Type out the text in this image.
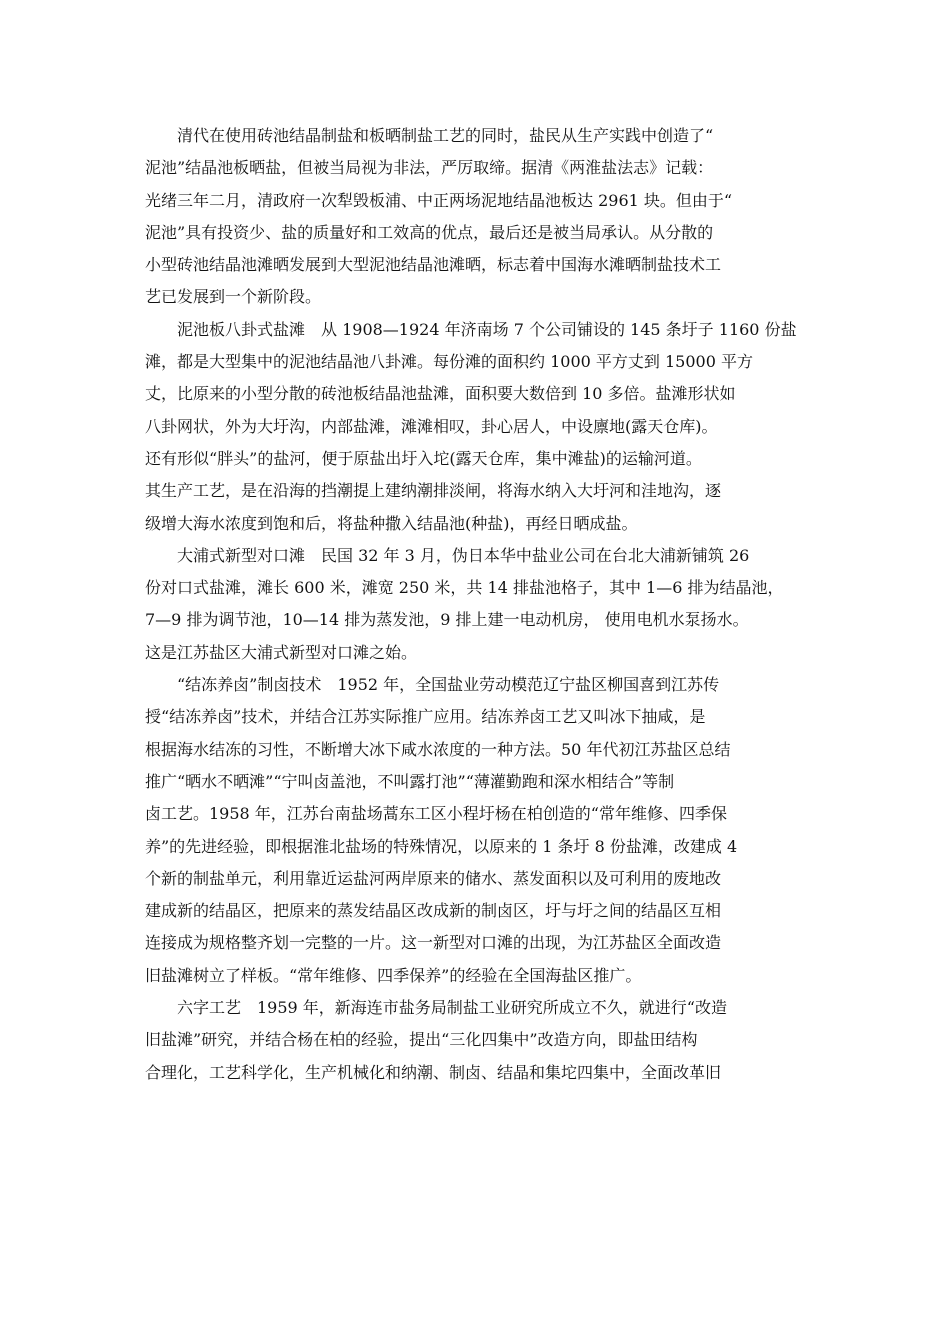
清代在使用砖池结晶制盐和板晒制盐工艺的同时，盐民从生产实践中创造了“
泥池”结晶池板晒盐，但被当局视为非法，严厉取缔。据清《两淮盐法志》记载：
光绪三年二月，清政府一次犁毁板浦、中正两场泥地结晶池板达 2961 块。但由于“
泥池”具有投资少、盐的质量好和工效高的优点，最后还是被当局承认。从分散的
小型砖池结晶池滩晒发展到大型泥池结晶池滩晒，标志着中国海水滩晒制盐技术工
艺已发展到一个新阶段。
泥池板八卦式盐滩　从 1908—1924 年济南场 7 个公司铺设的 145 条圩子 1160 份盐
滩，都是大型集中的泥池结晶池八卦滩。每份滩的面积约 1000 平方丈到 15000 平方
丈，比原来的小型分散的砖池板结晶池盐滩，面积要大数倍到 10 多倍。盐滩形状如
八卦网状，外为大圩沟，内部盐滩，滩滩相叹，卦心居人，中设廪地(露天仓库)。
还有形似“胖头”的盐河，便于原盐出圩入坨(露天仓库，集中滩盐)的运输河道。
其生产工艺，是在沿海的挡潮提上建纳潮排淡闸，将海水纳入大圩河和洼地沟，逐
级增大海水浓度到饱和后，将盐种撒入结晶池(种盐)，再经日晒成盐。
大浦式新型对口滩　民国 32 年 3 月，伪日本华中盐业公司在台北大浦新铺筑 26
份对口式盐滩，滩长 600 米，滩宽 250 米，共 14 排盐池格子，其中 1—6 排为结晶池，
7—9 排为调节池，10—14 排为蒸发池，9 排上建一电动机房， 使用电机水泵扬水。
这是江苏盐区大浦式新型对口滩之始。
“结冻养卤”制卤技术　1952 年，全国盐业劳动模范辽宁盐区柳国喜到江苏传
授“结冻养卤”技术，并结合江苏实际推广应用。结冻养卤工艺又叫冰下抽咸，是
根据海水结冻的习性，不断增大冰下咸水浓度的一种方法。50 年代初江苏盐区总结
推广“晒水不晒滩”“宁叫卤盖池，不叫露打池”“薄灌勤跑和深水相结合”等制
卤工艺。1958 年，江苏台南盐场蒿东工区小程圩杨在柏创造的“常年维修、四季保
养”的先进经验，即根据淮北盐场的特殊情况，以原来的 1 条圩 8 份盐滩，改建成 4
个新的制盐单元，利用靠近运盐河两岸原来的储水、蒸发面积以及可利用的废地改
建成新的结晶区，把原来的蒸发结晶区改成新的制卤区，圩与圩之间的结晶区互相
连接成为规格整齐划一完整的一片。这一新型对口滩的出现，为江苏盐区全面改造
旧盐滩树立了样板。“常年维修、四季保养”的经验在全国海盐区推广。
六字工艺　1959 年，新海连市盐务局制盐工业研究所成立不久，就进行“改造
旧盐滩”研究，并结合杨在柏的经验，提出“三化四集中”改造方向，即盐田结构
合理化，工艺科学化，生产机械化和纳潮、制卤、结晶和集坨四集中，全面改革旧
